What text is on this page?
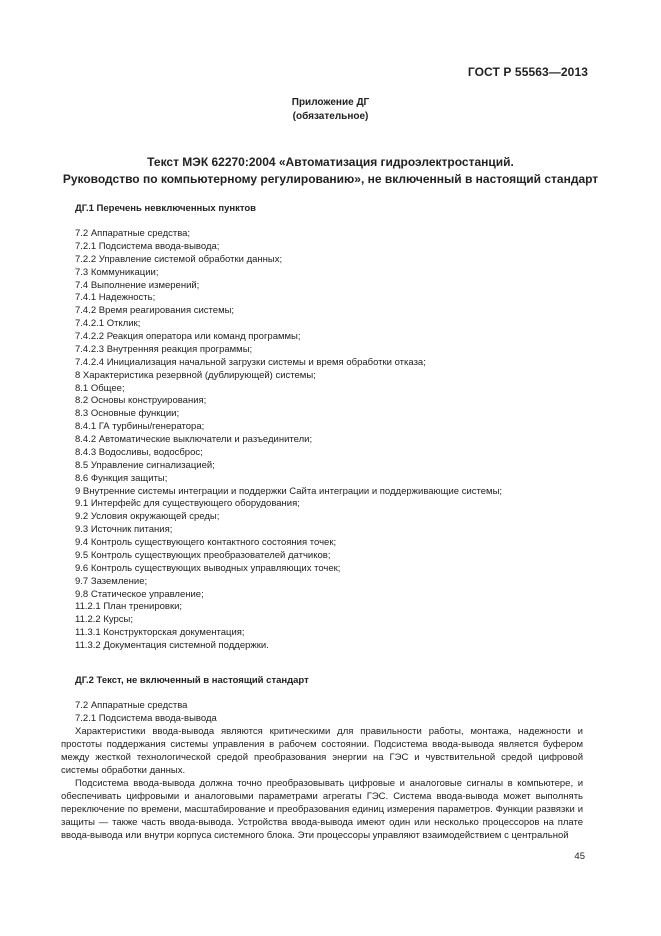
ГОСТ Р 55563—2013
Приложение ДГ
(обязательное)
Текст МЭК 62270:2004 «Автоматизация гидроэлектростанций.
Руководство по компьютерному регулированию», не включенный в настоящий стандарт
ДГ.1 Перечень невключенных пунктов
7.2 Аппаратные средства;
7.2.1 Подсистема ввода-вывода;
7.2.2 Управление системой обработки данных;
7.3 Коммуникации;
7.4 Выполнение измерений;
7.4.1 Надежность;
7.4.2 Время реагирования системы;
7.4.2.1 Отклик;
7.4.2.2 Реакция оператора или команд программы;
7.4.2.3 Внутренняя реакция программы;
7.4.2.4 Инициализация начальной загрузки системы и время обработки отказа;
8 Характеристика резервной (дублирующей) системы;
8.1 Общее;
8.2 Основы конструирования;
8.3 Основные функции;
8.4.1 ГА турбины/генератора;
8.4.2 Автоматические выключатели и разъединители;
8.4.3 Водосливы, водосброс;
8.5 Управление сигнализацией;
8.6 Функция защиты;
9 Внутренние системы интеграции и поддержки Сайта интеграции и поддерживающие системы;
9.1 Интерфейс для существующего оборудования;
9.2 Условия окружающей среды;
9.3 Источник питания;
9.4 Контроль существующего контактного состояния точек;
9.5 Контроль существующих преобразователей датчиков;
9.6 Контроль существующих выводных управляющих точек;
9.7 Заземление;
9.8 Статическое управление;
11.2.1 План тренировки;
11.2.2 Курсы;
11.3.1 Конструкторская документация;
11.3.2 Документация системной поддержки.
ДГ.2 Текст, не включенный в настоящий стандарт
7.2 Аппаратные средства
7.2.1 Подсистема ввода-вывода

Характеристики ввода-вывода являются критическими для правильности работы, монтажа, надежности и простоты поддержания системы управления в рабочем состоянии. Подсистема ввода-вывода является буфером между жесткой технологической средой преобразования энергии на ГЭС и чувствительной средой цифровой системы обработки данных.

Подсистема ввода-вывода должна точно преобразовывать цифровые и аналоговые сигналы в компьютере, и обеспечивать цифровыми и аналоговыми параметрами агрегаты ГЭС. Система ввода-вывода может выполнять переключение по времени, масштабирование и преобразования единиц измерения параметров. Функции развязки и защиты — также часть ввода-вывода. Устройства ввода-вывода имеют один или несколько процессоров на плате ввода-вывода или внутри корпуса системного блока. Эти процессоры управляют взаимодействием с центральной

45
